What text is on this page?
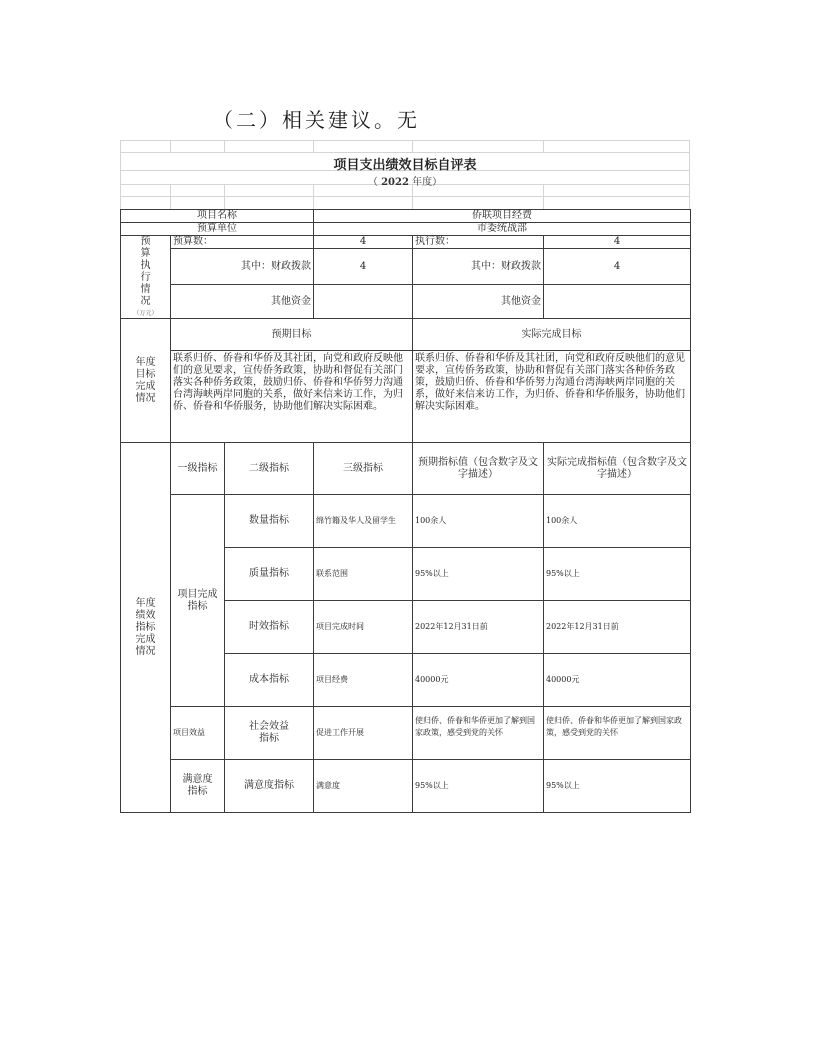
（二）相关建议。无
项目支出绩效目标自评表
（ 2022 年度）
项目名称			侨联项目经费		
预算单位			市委统战部		

预算执行情况
（万元）	预算数：		4	执行数：	4
	其中：财政拨款		4	其中：财政拨款	4
	其他资金			其他资金	

年度目标完成情况	预期目标			实际完成目标	
	联系归侨、侨眷和华侨及其社团，向党和政府反映他们的意见要求，宣传侨务政策，协助和督促有关部门落实各种侨务政策，鼓励归侨、侨眷和华侨努力沟通台湾海峡两岸同胞的关系，做好来信来访工作，为归侨、侨眷和华侨服务，协助他们解决实际困难。			联系归侨、侨眷和华侨及其社团，向党和政府反映他们的意见要求，宣传侨务政策，协助和督促有关部门落实各种侨务政策，鼓励归侨、侨眷和华侨努力沟通台湾海峡两岸同胞的关系，做好来信来访工作，为归侨、侨眷和华侨服务，协助他们解决实际困难。	

年度绩效指标完成情况	一级指标	二级指标	三级指标	预期指标值（包含数字及文字描述）	实际完成指标值（包含数字及文字描述）

	项目完成指标	数量指标	绵竹籍及华人及留学生	100余人	100余人
		质量指标	联系范围	95%以上	95%以上
		时效指标	项目完成时间	2022年12月31日前	2022年12月31日前
		成本指标	项目经费	40000元	40000元
	项目效益	社会效益指标	促进工作开展	使归侨、侨眷和华侨更加了解到国家政策，感受到党的关怀	使归侨、侨眷和华侨更加了解到国家政策，感受到党的关怀

	满意度指标	满意度指标	满意度	95%以上	95%以上
